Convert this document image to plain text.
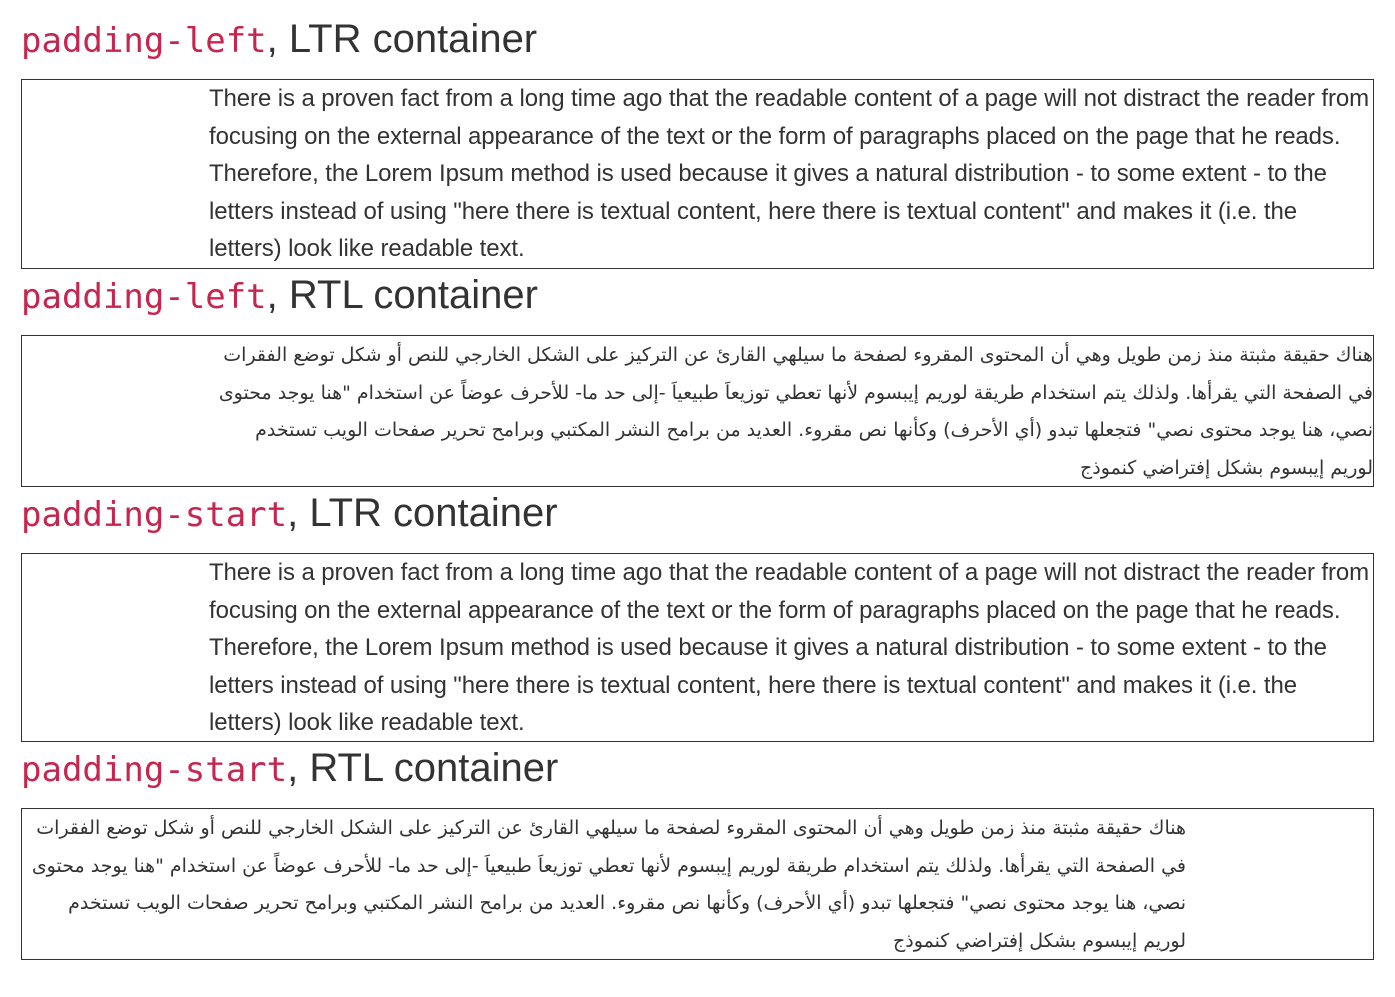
padding-left, LTR container

There is a proven fact from a long time ago that the readable content of a page will not distract the reader from focusing on the external appearance of the text or the form of paragraphs placed on the page that he reads. Therefore, the Lorem Ipsum method is used because it gives a natural distribution - to some extent - to the letters instead of using "here there is textual content, here there is textual content" and makes it (i.e. the letters) look like readable text.

padding-left, RTL container

هناك حقيقة مثبتة منذ زمن طويل وهي أن المحتوى المقروء لصفحة ما سيلهي القارئ عن التركيز على الشكل الخارجي للنص أو شكل توضع الفقرات في الصفحة التي يقرأها. ولذلك يتم استخدام طريقة لوريم إيبسوم لأنها تعطي توزيعاَ طبيعياَ -إلى حد ما- للأحرف عوضاً عن استخدام "هنا يوجد محتوى نصي، هنا يوجد محتوى نصي" فتجعلها تبدو (أي الأحرف) وكأنها نص مقروء. العديد من برامح النشر المكتبي وبرامح تحرير صفحات الويب تستخدم لوريم إيبسوم بشكل إفتراضي كنموذج

padding-start, LTR container

There is a proven fact from a long time ago that the readable content of a page will not distract the reader from focusing on the external appearance of the text or the form of paragraphs placed on the page that he reads. Therefore, the Lorem Ipsum method is used because it gives a natural distribution - to some extent - to the letters instead of using "here there is textual content, here there is textual content" and makes it (i.e. the letters) look like readable text.

padding-start, RTL container

هناك حقيقة مثبتة منذ زمن طويل وهي أن المحتوى المقروء لصفحة ما سيلهي القارئ عن التركيز على الشكل الخارجي للنص أو شكل توضع الفقرات في الصفحة التي يقرأها. ولذلك يتم استخدام طريقة لوريم إيبسوم لأنها تعطي توزيعاَ طبيعياَ -إلى حد ما- للأحرف عوضاً عن استخدام "هنا يوجد محتوى نصي، هنا يوجد محتوى نصي" فتجعلها تبدو (أي الأحرف) وكأنها نص مقروء. العديد من برامح النشر المكتبي وبرامح تحرير صفحات الويب تستخدم لوريم إيبسوم بشكل إفتراضي كنموذج
